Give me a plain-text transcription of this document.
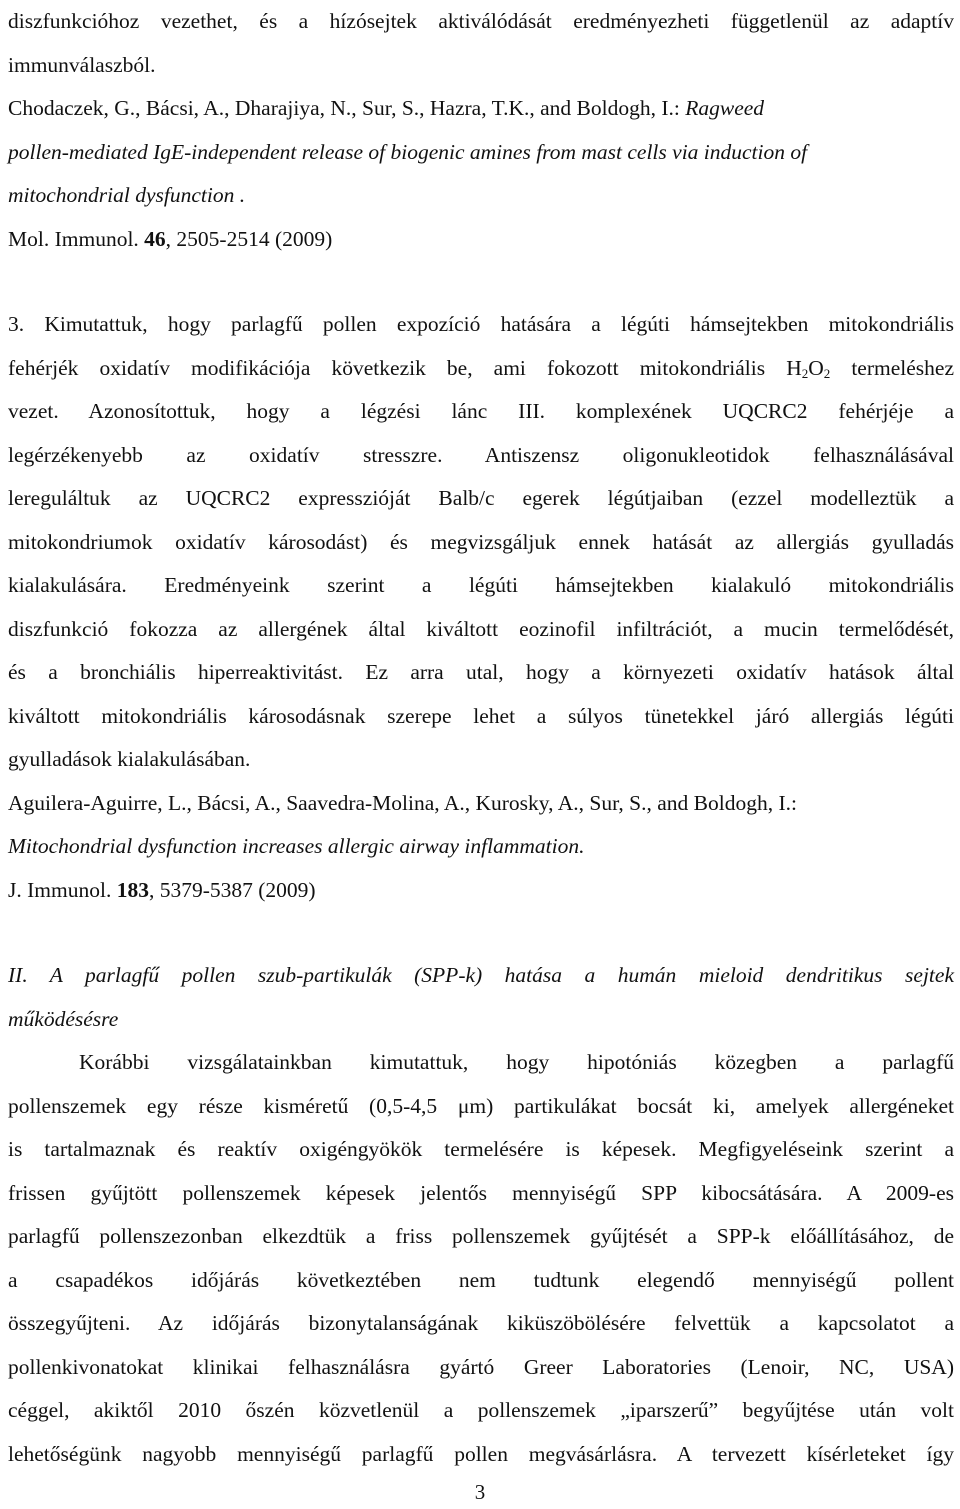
diszfunkcióhoz vezethet, és a hízósejtek aktiválódását eredményezheti függetlenül az adaptív
immunválaszból.
Chodaczek, G., Bácsi, A., Dharajiya, N., Sur, S., Hazra, T.K., and Boldogh, I.: Ragweed
pollen-mediated IgE-independent release of biogenic amines from mast cells via induction of
mitochondrial dysfunction .
Mol. Immunol. 46, 2505-2514 (2009)
3. Kimutattuk, hogy parlagfű pollen expozíció hatására a légúti hámsejtekben mitokondriális
fehérjék oxidatív modifikációja következik be, ami fokozott mitokondriális $H_2O_2$ termeléshez
vezet. Azonosítottuk, hogy a légzési lánc III. komplexének UQCRC2 fehérjéje a
legérzékenyebb az oxidatív stresszre. Antiszensz oligonukleotidok felhasználásával
lereguláltuk az UQCRC2 expresszióját Balb/c egerek légútjaiban (ezzel modelleztük a
mitokondriumok oxidatív károsodást) és megvizsgáljuk ennek hatását az allergiás gyulladás
kialakulására. Eredményeink szerint a légúti hámsejtekben kialakuló mitokondriális
diszfunkció fokozza az allergének által kiváltott eozinofil infiltrációt, a mucin termelődését,
és a bronchiális hiperreaktivitást. Ez arra utal, hogy a környezeti oxidatív hatások által
kiváltott mitokondriális károsodásnak szerepe lehet a súlyos tünetekkel járó allergiás légúti
gyulladások kialakulásában.
Aguilera-Aguirre, L., Bácsi, A., Saavedra-Molina, A., Kurosky, A., Sur, S., and Boldogh, I.:
Mitochondrial dysfunction increases allergic airway inflammation.
J. Immunol. 183, 5379-5387 (2009)
II. A parlagfű pollen szub-partikulák (SPP-k) hatása a humán mieloid dendritikus sejtek
működésésre
Korábbi vizsgálatainkban kimutattuk, hogy hipotóniás közegben a parlagfű
pollenszemek egy része kisméretű (0,5-4,5 μm) partikulákat bocsát ki, amelyek allergéneket
is tartalmaznak és reaktív oxigéngyökök termelésére is képesek. Megfigyeléseink szerint a
frissen gyűjtött pollenszemek képesek jelentős mennyiségű SPP kibocsátására. A 2009-es
parlagfű pollenszezonban elkezdtük a friss pollenszemek gyűjtését a SPP-k előállításához, de
a csapadékos időjárás következtében nem tudtunk elegendő mennyiségű pollent
összegyűjteni. Az időjárás bizonytalanságának kiküszöbölésére felvettük a kapcsolatot a
pollenkivonatokat klinikai felhasználásra gyártó Greer Laboratories (Lenoir, NC, USA)
céggel, akiktől 2010 őszén közvetlenül a pollenszemek „iparszerű” begyűjtése után volt
lehetőségünk nagyobb mennyiségű parlagfű pollen megvásárlásra. A tervezett kísérleteket így
3
